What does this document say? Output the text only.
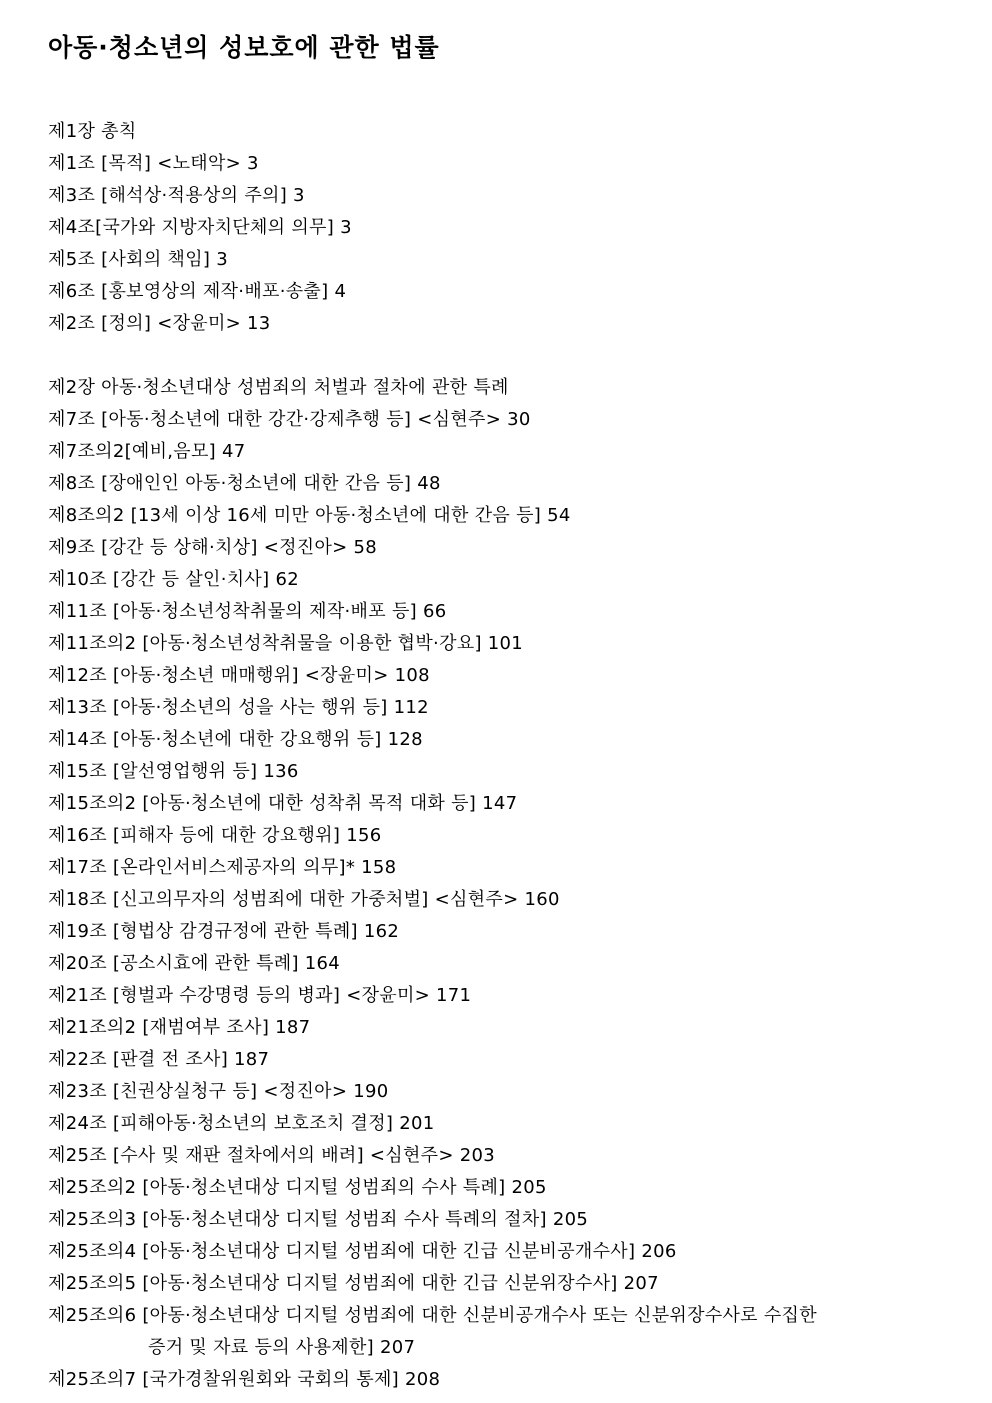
아동·청소년의 성보호에 관한 법률
제1장 총칙
제1조 [목적] <노태악> 3
제3조 [해석상·적용상의 주의] 3
제4조[국가와 지방자치단체의 의무] 3
제5조 [사회의 책임] 3
제6조 [홍보영상의 제작·배포·송출] 4
제2조 [정의] <장윤미> 13
제2장 아동·청소년대상 성범죄의 처벌과 절차에 관한 특례
제7조 [아동·청소년에 대한 강간·강제추행 등] <심현주> 30
제7조의2[예비,음모] 47
제8조 [장애인인 아동·청소년에 대한 간음 등] 48
제8조의2 [13세 이상 16세 미만 아동·청소년에 대한 간음 등] 54
제9조 [강간 등 상해·치상] <정진아> 58
제10조 [강간 등 살인·치사] 62
제11조 [아동·청소년성착취물의 제작·배포 등] 66
제11조의2 [아동·청소년성착취물을 이용한 협박·강요] 101
제12조 [아동·청소년 매매행위] <장윤미> 108
제13조 [아동·청소년의 성을 사는 행위 등] 112
제14조 [아동·청소년에 대한 강요행위 등] 128
제15조 [알선영업행위 등] 136
제15조의2 [아동·청소년에 대한 성착취 목적 대화 등] 147
제16조 [피해자 등에 대한 강요행위] 156
제17조 [온라인서비스제공자의 의무]* 158
제18조 [신고의무자의 성범죄에 대한 가중처벌] <심현주> 160
제19조 [형법상 감경규정에 관한 특례] 162
제20조 [공소시효에 관한 특례] 164
제21조 [형벌과 수강명령 등의 병과] <장윤미> 171
제21조의2 [재범여부 조사] 187
제22조 [판결 전 조사] 187
제23조 [친권상실청구 등] <정진아> 190
제24조 [피해아동·청소년의 보호조치 결정] 201
제25조 [수사 및 재판 절차에서의 배려] <심현주> 203
제25조의2 [아동·청소년대상 디지털 성범죄의 수사 특례] 205
제25조의3 [아동·청소년대상 디지털 성범죄 수사 특례의 절차] 205
제25조의4 [아동·청소년대상 디지털 성범죄에 대한 긴급 신분비공개수사] 206
제25조의5 [아동·청소년대상 디지털 성범죄에 대한 긴급 신분위장수사] 207
제25조의6 [아동·청소년대상 디지털 성범죄에 대한 신분비공개수사 또는 신분위장수사로 수집한
증거 및 자료 등의 사용제한] 207
제25조의7 [국가경찰위원회와 국회의 통제] 208
